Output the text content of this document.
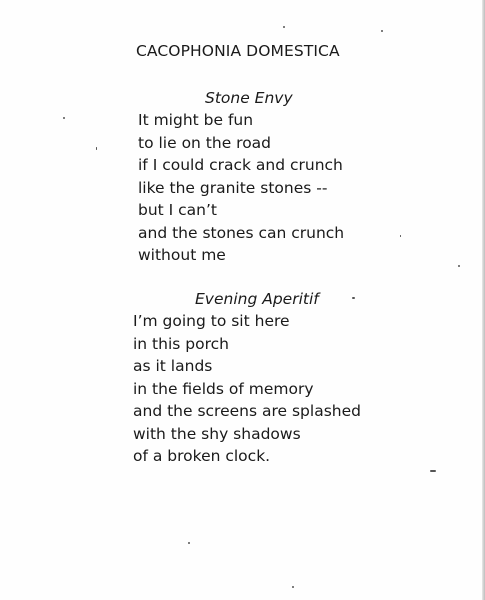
CACOPHONIA DOMESTICA
Stone Envy
It might be fun
to lie on the road
if I could crack and crunch
like the granite stones --
but I can’t
and the stones can crunch
without me
Evening Aperitif
I’m going to sit here
in this porch
as it lands
in the fields of memory
and the screens are splashed
with the shy shadows
of a broken clock.
